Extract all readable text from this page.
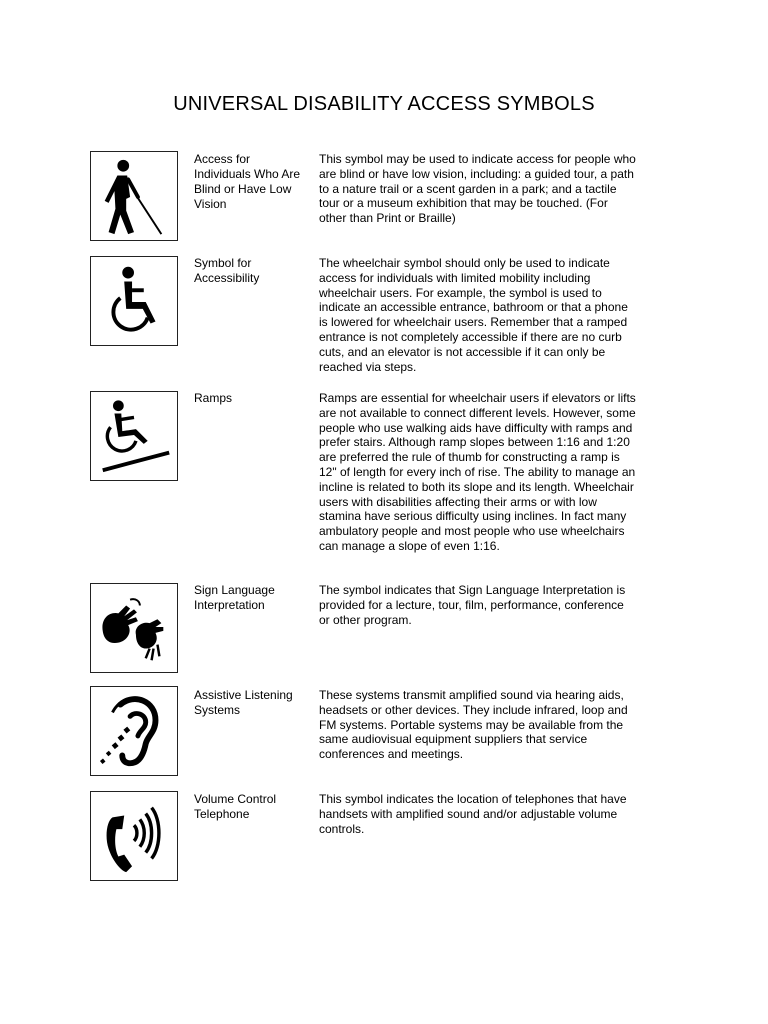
UNIVERSAL DISABILITY ACCESS SYMBOLS
Access for Individuals Who Are Blind or Have Low Vision
This symbol may be used to indicate access for people who are blind or have low vision, including: a guided tour, a path to a nature trail or a scent garden in a park; and a tactile tour or a museum exhibition that may be touched. (For other than Print or Braille)
Symbol for Accessibility
The wheelchair symbol should only be used to indicate access for individuals with limited mobility including wheelchair users. For example, the symbol is used to indicate an accessible entrance, bathroom or that a phone is lowered for wheelchair users. Remember that a ramped entrance is not completely accessible if there are no curb cuts, and an elevator is not accessible if it can only be reached via steps.
Ramps	Ramps are essential for wheelchair users if elevators or lifts are not available to connect different levels. However, some people who use walking aids have difficulty with ramps and prefer stairs. Although ramp slopes between 1:16 and 1:20 are preferred the rule of thumb for constructing a ramp is 12" of length for every inch of rise. The ability to manage an incline is related to both its slope and its length. Wheelchair users with disabilities affecting their arms or with low stamina have serious difficulty using inclines. In fact many ambulatory people and most people who use wheelchairs can manage a slope of even 1:16.
Sign Language Interpretation
The symbol indicates that Sign Language Interpretation is provided for a lecture, tour, film, performance, conference or other program.
Assistive Listening Systems
These systems transmit amplified sound via hearing aids, headsets or other devices. They include infrared, loop and FM systems. Portable systems may be available from the same audiovisual equipment suppliers that service conferences and meetings.
Volume Control Telephone
This symbol indicates the location of telephones that have handsets with amplified sound and/or adjustable volume controls.
